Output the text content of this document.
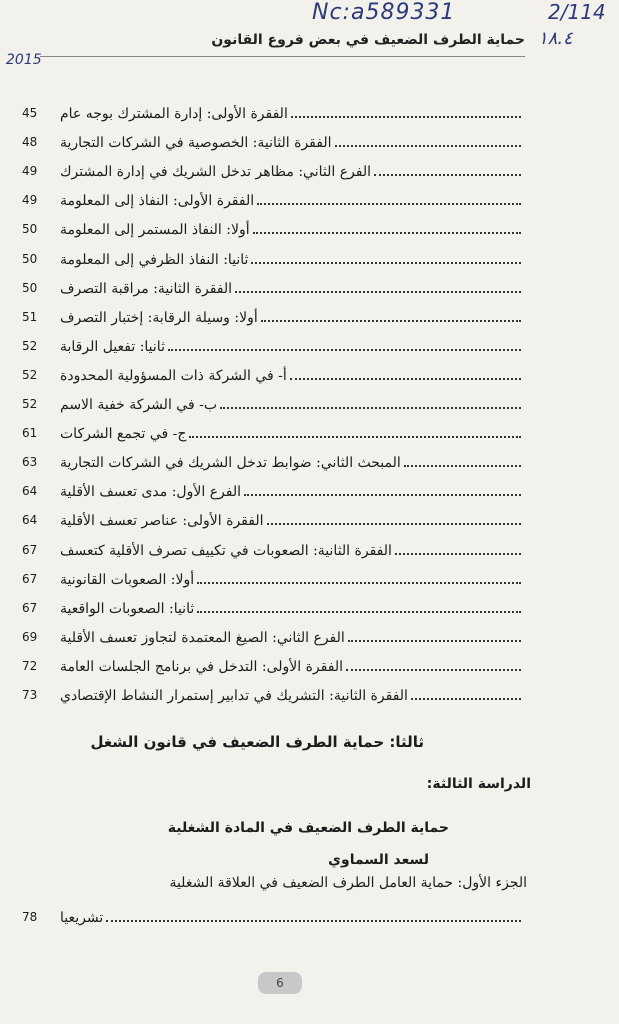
Nc:a589331	2/114
١٨.٤
2015
حماية الطرف الضعيف في بعض فروع القانون
45	الفقرة الأولى: إدارة المشترك بوجه عام
48	الفقرة الثانية: الخصوصية في الشركات التجارية
49	الفرع الثاني: مظاهر تدخل الشريك في إدارة المشترك
49	الفقرة الأولى: النفاذ إلى المعلومة
50	أولا: النفاذ المستمر إلى المعلومة
50	ثانيا: النفاذ الظرفي إلى المعلومة
50	الفقرة الثانية: مراقبة التصرف
51	أولا: وسيلة الرقابة: إختبار التصرف
52	ثانيا: تفعيل الرقابة
52	أ- في الشركة ذات المسؤولية المحدودة
52	ب- في الشركة خفية الاسم
61	ج- في تجمع الشركات
63	المبحث الثاني: ضوابط تدخل الشريك في الشركات التجارية
64	الفرع الأول: مدى تعسف الأقلية
64	الفقرة الأولى: عناصر تعسف الأقلية
67	الفقرة الثانية: الصعوبات في تكييف تصرف الأقلية كتعسف
67	أولا: الصعوبات القانونية
67	ثانيا: الصعوبات الواقعية
69	الفرع الثاني: الصيغ المعتمدة لتجاوز تعسف الأقلية
72	الفقرة الأولى: التدخل في برنامج الجلسات العامة
73	الفقرة الثانية: التشريك في تدابير إستمرار النشاط الإقتصادي
ثالثا: حماية الطرف الضعيف في قانون الشغل
الدراسة الثالثة:
حماية الطرف الضعيف في المادة الشغلية
لسعد السماوي
الجزء الأول: حماية العامل الطرف الضعيف في العلاقة الشغلية
78	تشريعيا
6
